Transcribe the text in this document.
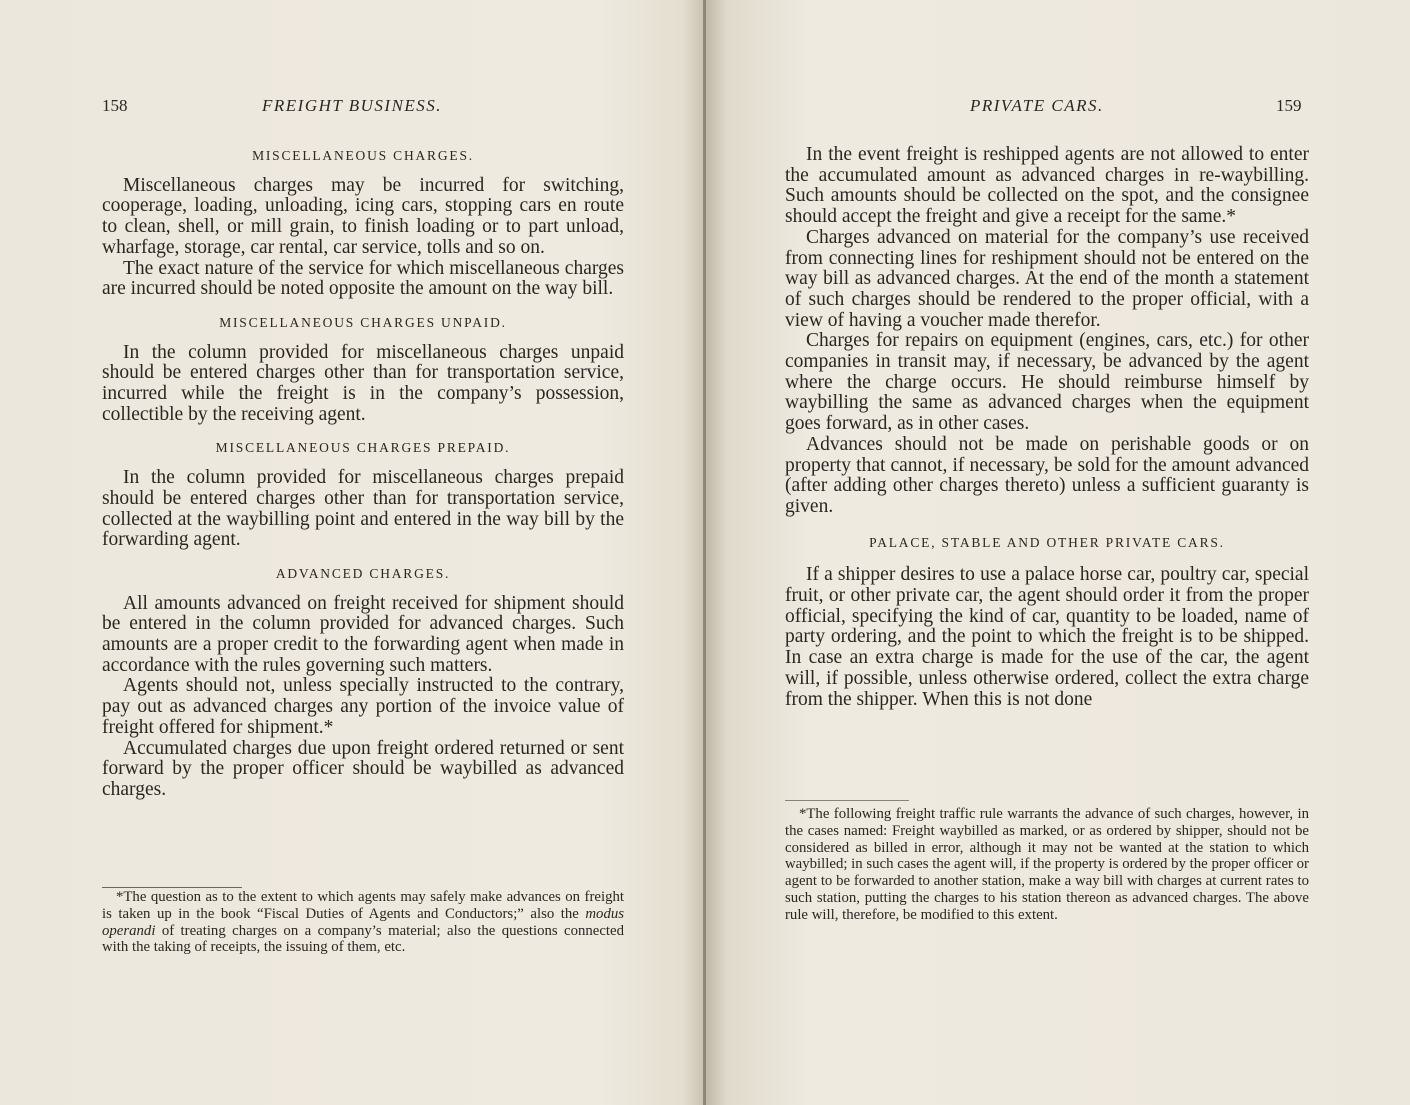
158	FREIGHT BUSINESS.

MISCELLANEOUS CHARGES.

Miscellaneous charges may be incurred for switching, cooperage, loading, unloading, icing cars, stopping cars en route to clean, shell, or mill grain, to finish loading or to part unload, wharfage, storage, car rental, car service, tolls and so on.

The exact nature of the service for which miscellaneous charges are incurred should be noted opposite the amount on the way bill.

MISCELLANEOUS CHARGES UNPAID.

In the column provided for miscellaneous charges unpaid should be entered charges other than for transportation service, incurred while the freight is in the company’s possession, collectible by the receiving agent.

MISCELLANEOUS CHARGES PREPAID.

In the column provided for miscellaneous charges prepaid should be entered charges other than for transportation service, collected at the waybilling point and entered in the way bill by the forwarding agent.

ADVANCED CHARGES.

All amounts advanced on freight received for shipment should be entered in the column provided for advanced charges. Such amounts are a proper credit to the forwarding agent when made in accordance with the rules governing such matters.

Agents should not, unless specially instructed to the contrary, pay out as advanced charges any portion of the invoice value of freight offered for shipment.*

Accumulated charges due upon freight ordered returned or sent forward by the proper officer should be waybilled as advanced charges.

*The question as to the extent to which agents may safely make advances on freight is taken up in the book “Fiscal Duties of Agents and Conductors;” also the modus operandi of treating charges on a company’s material; also the questions connected with the taking of receipts, the issuing of them, etc.

PRIVATE CARS.	159

In the event freight is reshipped agents are not allowed to enter the accumulated amount as advanced charges in re-waybilling. Such amounts should be collected on the spot, and the consignee should accept the freight and give a receipt for the same.*

Charges advanced on material for the company’s use received from connecting lines for reshipment should not be entered on the way bill as advanced charges. At the end of the month a statement of such charges should be rendered to the proper official, with a view of having a voucher made therefor.

Charges for repairs on equipment (engines, cars, etc.) for other companies in transit may, if necessary, be advanced by the agent where the charge occurs. He should reimburse himself by waybilling the same as advanced charges when the equipment goes forward, as in other cases.

Advances should not be made on perishable goods or on property that cannot, if necessary, be sold for the amount advanced (after adding other charges thereto) unless a sufficient guaranty is given.

PALACE, STABLE AND OTHER PRIVATE CARS.

If a shipper desires to use a palace horse car, poultry car, special fruit, or other private car, the agent should order it from the proper official, specifying the kind of car, quantity to be loaded, name of party ordering, and the point to which the freight is to be shipped. In case an extra charge is made for the use of the car, the agent will, if possible, unless otherwise ordered, collect the extra charge from the shipper. When this is not done

*The following freight traffic rule warrants the advance of such charges, however, in the cases named: Freight waybilled as marked, or as ordered by shipper, should not be considered as billed in error, although it may not be wanted at the station to which waybilled; in such cases the agent will, if the property is ordered by the proper officer or agent to be forwarded to another station, make a way bill with charges at current rates to such station, putting the charges to his station thereon as advanced charges. The above rule will, therefore, be modified to this extent.
